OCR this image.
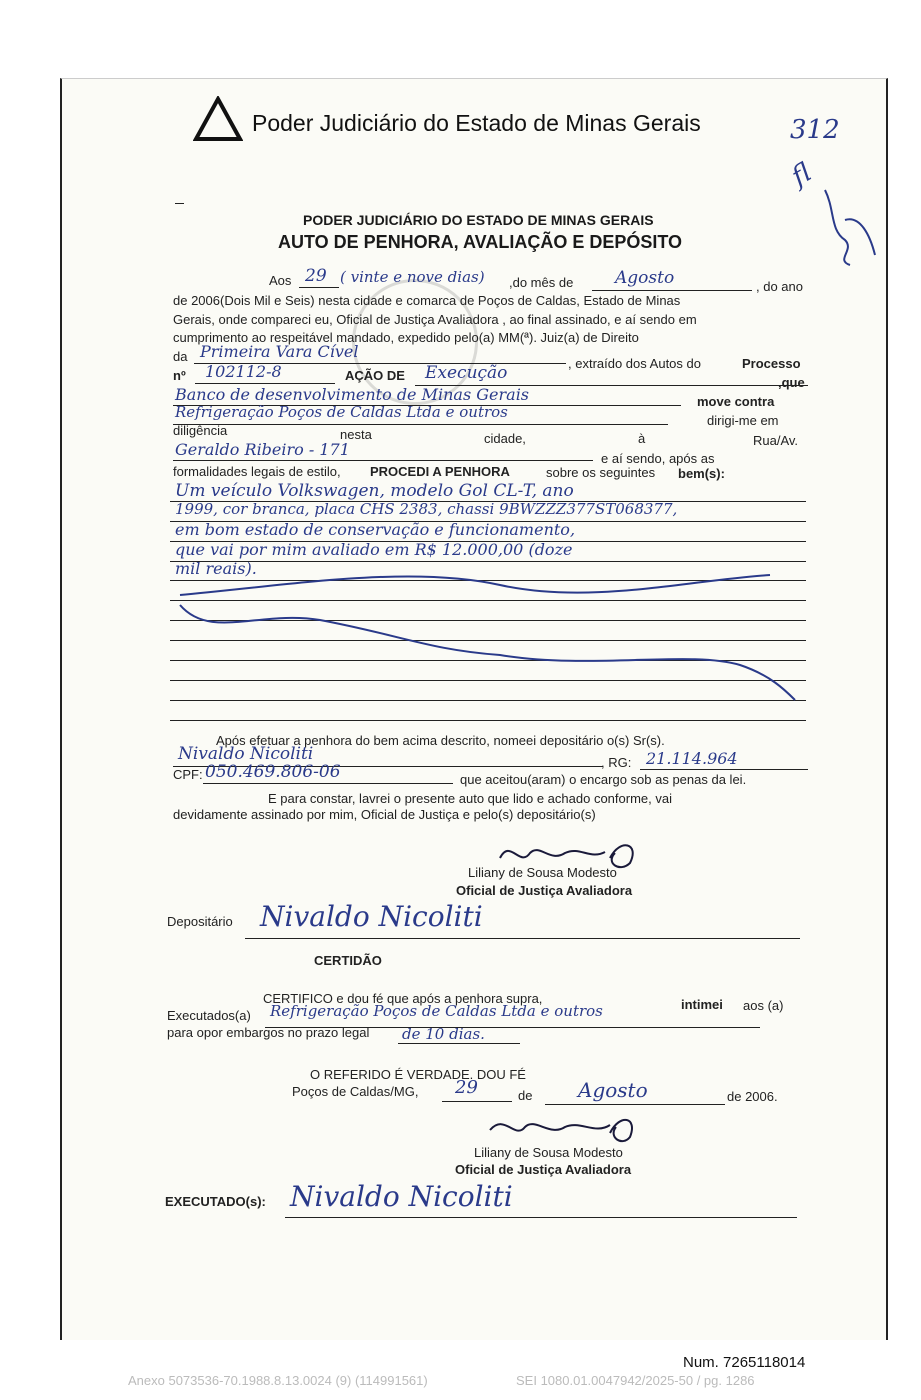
Poder Judiciário do Estado de Minas Gerais	312
fl
PODER JUDICIÁRIO DO ESTADO DE MINAS GERAIS
AUTO DE PENHORA, AVALIAÇÃO E DEPÓSITO
Aos 29 ( vinte e nove dias) ,do mês de Agosto	, do ano
de 2006(Dois Mil e Seis) nesta cidade e comarca de Poços de Caldas, Estado de Minas
Gerais, onde compareci eu, Oficial de Justiça Avaliadora , ao final assinado, e aí sendo em
cumprimento ao respeitável mandado, expedido pelo(a) MM(ª). Juiz(a) de Direito
da Primeira Vara Cível
, extraído dos Autos do	Processo
nº 102112-8	AÇÃO DE Execução	,que
Banco de desenvolvimento de Minas Gerais	move contra
Refrigeração Poços de Caldas Ltda e outros	dirigi-me em
diligência	nesta	cidade,	à	Rua/Av.
Geraldo Ribeiro - 171	e aí sendo, após as
formalidades legais de estilo, PROCEDI A PENHORA	sobre os seguintes bem(s):
Um veículo Volkswagen, modelo Gol CL-T, ano
1999, cor branca, placa CHS 2383, chassi 9BWZZZ377ST068377,
em bom estado de conservação e funcionamento,
que vai por mim avaliado em R$ 12.000,00 (doze
mil reais).
Após efetuar a penhora do bem acima descrito, nomeei depositário o(s) Sr(s).
Nivaldo Nicoliti	, RG: 21.114.964
CPF: 050.469.806-06	que aceitou(aram) o encargo sob as penas da lei.
E para constar, lavrei o presente auto que lido e achado conforme, vai
devidamente assinado por mim, Oficial de Justiça e pelo(s) depositário(s)
Liliany de Sousa Modesto
Oficial de Justiça Avaliadora
Depositário Nivaldo Nicoliti
CERTIDÃO
CERTIFICO e dou fé que após a penhora supra,	intimei aos (a)
Executados(a) Refrigeração Poços de Caldas Ltda e outros
para opor embargos no prazo legal de 10 dias.
O REFERIDO É VERDADE. DOU FÉ
Poços de Caldas/MG, 29	de Agosto	de 2006.
Liliany de Sousa Modesto
Oficial de Justiça Avaliadora
EXECUTADO(s): Nivaldo Nicoliti
Num. 7265118014
Anexo 5073536-70.1988.8.13.0024 (9) (114991561)	SEI 1080.01.0047942/2025-50 / pg. 1286
